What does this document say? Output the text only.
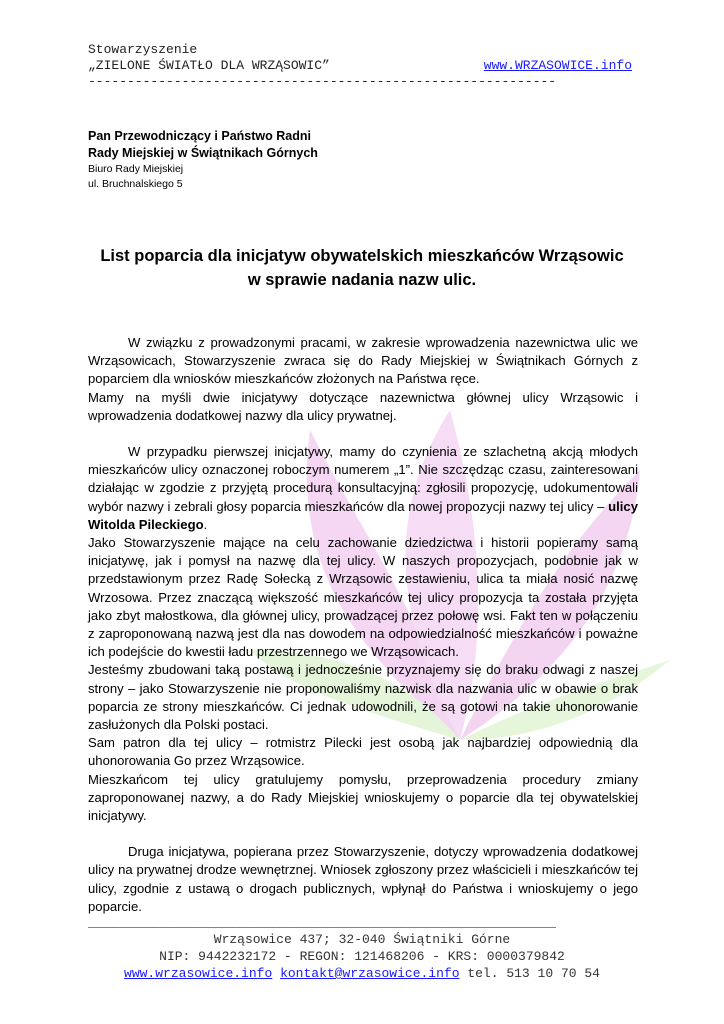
Stowarzyszenie
„ZIELONE ŚWIATŁO DLA WRZĄSOWIC”	www.WRZASOWICE.info
------------------------------------------------------------
Pan Przewodniczący i Państwo Radni
Rady Miejskiej w Świątnikach Górnych
Biuro Rady Miejskiej
ul. Bruchnalskiego 5
List poparcia dla inicjatyw obywatelskich mieszkańców Wrząsowic
w sprawie nadania nazw ulic.

W związku z prowadzonymi pracami, w zakresie wprowadzenia nazewnictwa ulic we Wrząsowicach, Stowarzyszenie zwraca się do Rady Miejskiej w Świątnikach Górnych z poparciem dla wniosków mieszkańców złożonych na Państwa ręce.

Mamy na myśli dwie inicjatywy dotyczące nazewnictwa głównej ulicy Wrząsowic i wprowadzenia dodatkowej nazwy dla ulicy prywatnej.

W przypadku pierwszej inicjatywy, mamy do czynienia ze szlachetną akcją młodych mieszkańców ulicy oznaczonej roboczym numerem „1”. Nie szczędząc czasu, zainteresowani działając w zgodzie z przyjętą procedurą konsultacyjną: zgłosili propozycję, udokumentowali wybór nazwy i zebrali głosy poparcia mieszkańców dla nowej propozycji nazwy tej ulicy – ulicy Witolda Pileckiego.

Jako Stowarzyszenie mające na celu zachowanie dziedzictwa i historii popieramy samą inicjatywę, jak i pomysł na nazwę dla tej ulicy. W naszych propozycjach, podobnie jak w przedstawionym przez Radę Sołecką z Wrząsowic zestawieniu, ulica ta miała nosić nazwę Wrzosowa. Przez znaczącą większość mieszkańców tej ulicy propozycja ta została przyjęta jako zbyt małostkowa, dla głównej ulicy, prowadzącej przez połowę wsi. Fakt ten w połączeniu z zaproponowaną nazwą jest dla nas dowodem na odpowiedzialność mieszkańców i poważne ich podejście do kwestii ładu przestrzennego we Wrząsowicach.

Jesteśmy zbudowani taką postawą i jednocześnie przyznajemy się do braku odwagi z naszej strony – jako Stowarzyszenie nie proponowaliśmy nazwisk dla nazwania ulic w obawie o brak poparcia ze strony mieszkańców. Ci jednak udowodnili, że są gotowi na takie uhonorowanie zasłużonych dla Polski postaci.

Sam patron dla tej ulicy – rotmistrz Pilecki jest osobą jak najbardziej odpowiednią dla uhonorowania Go przez Wrząsowice.

Mieszkańcom tej ulicy gratulujemy pomysłu, przeprowadzenia procedury zmiany zaproponowanej nazwy, a do Rady Miejskiej wnioskujemy o poparcie dla tej obywatelskiej inicjatywy.

Druga inicjatywa, popierana przez Stowarzyszenie, dotyczy wprowadzenia dodatkowej ulicy na prywatnej drodze wewnętrznej. Wniosek zgłoszony przez właścicieli i mieszkańców tej ulicy, zgodnie z ustawą o drogach publicznych, wpłynął do Państwa i wnioskujemy o jego poparcie.

____________________________________________________________
Wrząsowice 437; 32-040 Świątniki Górne
NIP: 9442232172 - REGON: 121468206 - KRS: 0000379842
www.wrzasowice.info kontakt@wrzasowice.info tel. 513 10 70 54
